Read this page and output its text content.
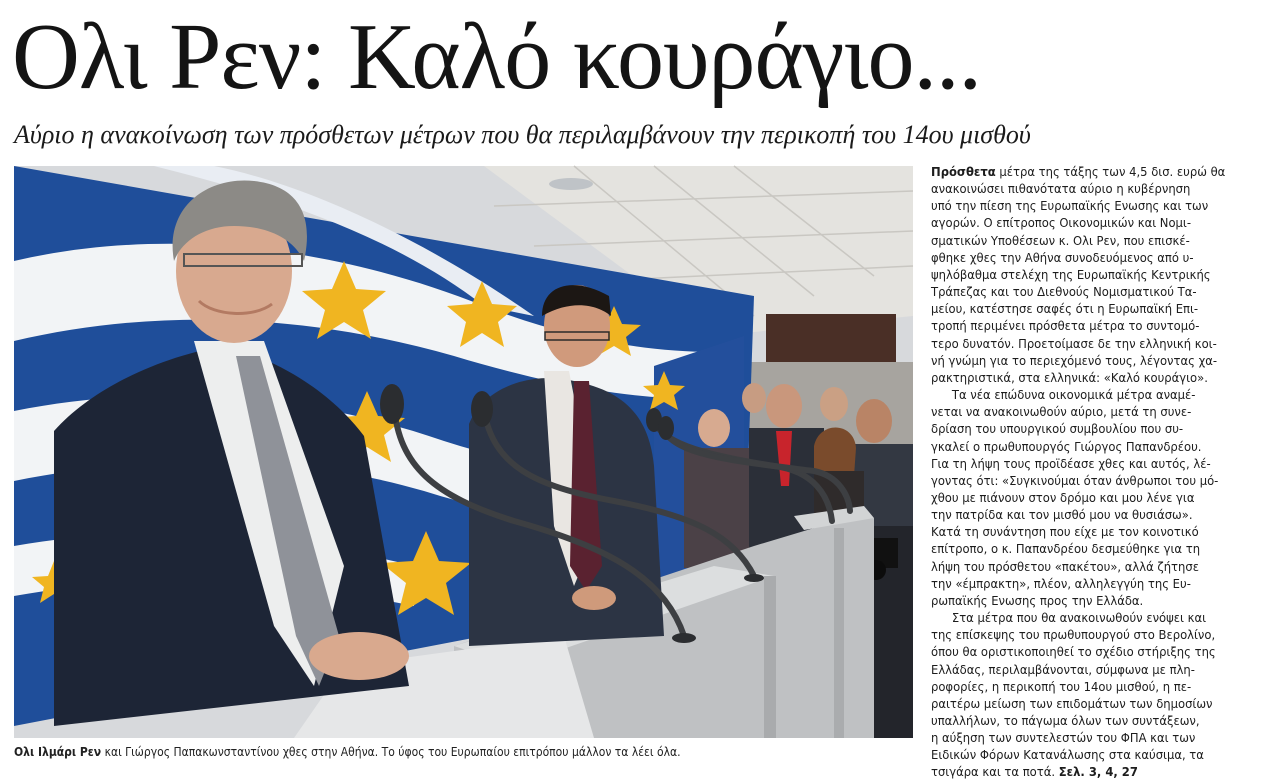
Ολι Ρεν: Καλό κουράγιο...

Αύριο η ανακοίνωση των πρόσθετων μέτρων που θα περιλαμβάνουν την περικοπή του 14ου μισθού

Ολι Ιλμάρι Ρεν και Γιώργος Παπακωνσταντίνου χθες στην Αθήνα. Το ύφος του Ευρωπαίου επιτρόπου μάλλον τα λέει όλα.

Πρόσθετα μέτρα της τάξης των 4,5 δισ. ευρώ θα

ανακοινώσει πιθανότατα αύριο η κυβέρνηση

υπό την πίεση της Ευρωπαϊκής Ενωσης και των

αγορών. Ο επίτροπος Οικονομικών και Νομι-

σματικών Υποθέσεων κ. Ολι Ρεν, που επισκέ-

φθηκε χθες την Αθήνα συνοδευόμενος από υ-

ψηλόβαθμα στελέχη της Ευρωπαϊκής Κεντρικής

Τράπεζας και του Διεθνούς Νομισματικού Τα-

μείου, κατέστησε σαφές ότι η Ευρωπαϊκή Επι-

τροπή περιμένει πρόσθετα μέτρα το συντομό-

τερο δυνατόν. Προετοίμασε δε την ελληνική κοι-

νή γνώμη για το περιεχόμενό τους, λέγοντας χα-

ρακτηριστικά, στα ελληνικά: «Καλό κουράγιο».

Τα νέα επώδυνα οικονομικά μέτρα αναμέ-

νεται να ανακοινωθούν αύριο, μετά τη συνε-

δρίαση του υπουργικού συμβουλίου που συ-

γκαλεί ο πρωθυπουργός Γιώργος Παπανδρέου.

Για τη λήψη τους προϊδέασε χθες και αυτός, λέ-

γοντας ότι: «Συγκινούμαι όταν άνθρωποι του μό-

χθου με πιάνουν στον δρόμο και μου λένε για

την πατρίδα και τον μισθό μου να θυσιάσω».

Κατά τη συνάντηση που είχε με τον κοινοτικό

επίτροπο, ο κ. Παπανδρέου δεσμεύθηκε για τη

λήψη του πρόσθετου «πακέτου», αλλά ζήτησε

την «έμπρακτη», πλέον, αλληλεγγύη της Ευ-

ρωπαϊκής Ενωσης προς την Ελλάδα.

Στα μέτρα που θα ανακοινωθούν ενόψει και

της επίσκεψης του πρωθυπουργού στο Βερολίνο,

όπου θα οριστικοποιηθεί το σχέδιο στήριξης της

Ελλάδας, περιλαμβάνονται, σύμφωνα με πλη-

ροφορίες, η περικοπή του 14ου μισθού, η πε-

ραιτέρω μείωση των επιδομάτων των δημοσίων

υπαλλήλων, το πάγωμα όλων των συντάξεων,

η αύξηση των συντελεστών του ΦΠΑ και των

Ειδικών Φόρων Κατανάλωσης στα καύσιμα, τα

τσιγάρα και τα ποτά. Σελ. 3, 4, 27
